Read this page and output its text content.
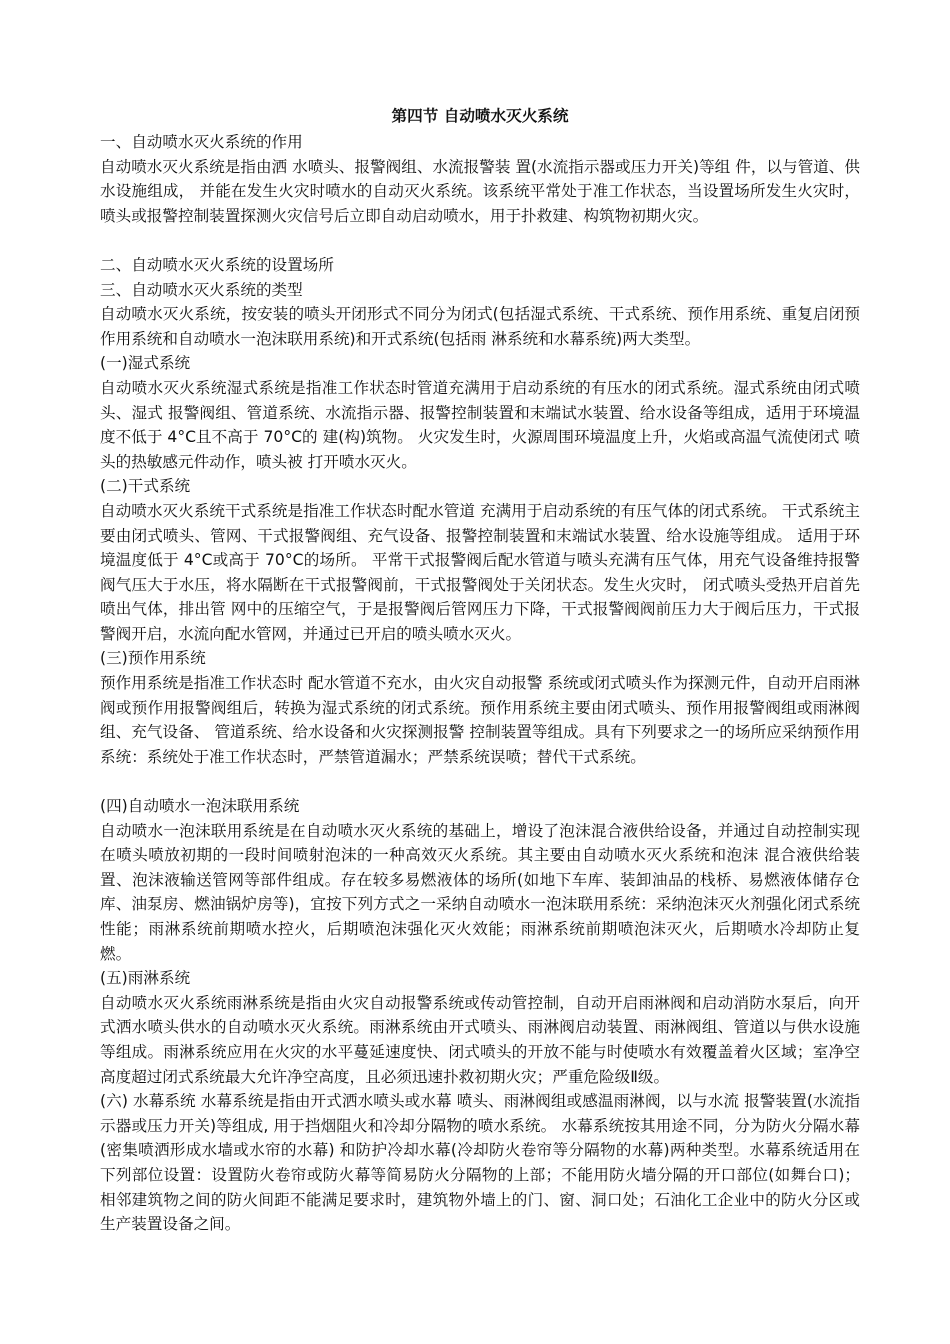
第四节 自动喷水灭火系统
一、自动喷水灭火系统的作用
自动喷水灭火系统是指由洒 水喷头、报警阀组、水流报警装 置(水流指示器或压力开关)等组 件，以与管道、供水设施组成， 并能在发生火灾时喷水的自动灭火系统。该系统平常处于准工作状态，当设置场所发生火灾时，喷头或报警控制装置探测火灾信号后立即自动启动喷水，用于扑救建、构筑物初期火灾。
二、自动喷水灭火系统的设置场所
三、自动喷水灭火系统的类型
自动喷水灭火系统，按安装的喷头开闭形式不同分为闭式(包括湿式系统、干式系统、预作用系统、重复启闭预作用系统和自动喷水一泡沫联用系统)和开式系统(包括雨 淋系统和水幕系统)两大类型。
(一)湿式系统
自动喷水灭火系统湿式系统是指准工作状态时管道充满用于启动系统的有压水的闭式系统。湿式系统由闭式喷头、湿式 报警阀组、管道系统、水流指示器、报警控制装置和末端试水装置、给水设备等组成，适用于环境温度不低于 4°C且不高于 70°C的 建(构)筑物。 火灾发生时，火源周围环境温度上升，火焰或高温气流使闭式 喷头的热敏感元件动作，喷头被 打开喷水灭火。
(二)干式系统
自动喷水灭火系统干式系统是指准工作状态时配水管道 充满用于启动系统的有压气体的闭式系统。 干式系统主要由闭式喷头、管网、干式报警阀组、充气设备、报警控制装置和末端试水装置、给水设施等组成。 适用于环境温度低于 4°C或高于 70°C的场所。 平常干式报警阀后配水管道与喷头充满有压气体，用充气设备维持报警阀气压大于水压，将水隔断在干式报警阀前，干式报警阀处于关闭状态。发生火灾时， 闭式喷头受热开启首先喷出气体，排出管 网中的压缩空气，于是报警阀后管网压力下降，干式报警阀阀前压力大于阀后压力，干式报警阀开启，水流向配水管网，并通过已开启的喷头喷水灭火。
(三)预作用系统
预作用系统是指准工作状态时 配水管道不充水，由火灾自动报警 系统或闭式喷头作为探测元件，自动开启雨淋阀或预作用报警阀组后，转换为湿式系统的闭式系统。预作用系统主要由闭式喷头、预作用报警阀组或雨淋阀组、充气设备、 管道系统、给水设备和火灾探测报警 控制装置等组成。具有下列要求之一的场所应采纳预作用系统：系统处于准工作状态时，严禁管道漏水；严禁系统误喷；替代干式系统。
(四)自动喷水一泡沫联用系统
自动喷水一泡沫联用系统是在自动喷水灭火系统的基础上，增设了泡沫混合液供给设备，并通过自动控制实现在喷头喷放初期的一段时间喷射泡沫的一种高效灭火系统。其主要由自动喷水灭火系统和泡沫 混合液供给装置、泡沫液输送管网等部件组成。存在较多易燃液体的场所(如地下车库、装卸油品的栈桥、易燃液体储存仓库、油泵房、燃油锅炉房等)，宜按下列方式之一采纳自动喷水一泡沫联用系统：采纳泡沫灭火剂强化闭式系统性能；雨淋系统前期喷水控火，后期喷泡沫强化灭火效能；雨淋系统前期喷泡沫灭火，后期喷水冷却防止复燃。
(五)雨淋系统
自动喷水灭火系统雨淋系统是指由火灾自动报警系统或传动管控制，自动开启雨淋阀和启动消防水泵后，向开式洒水喷头供水的自动喷水灭火系统。雨淋系统由开式喷头、雨淋阀启动装置、雨淋阀组、管道以与供水设施等组成。雨淋系统应用在火灾的水平蔓延速度快、闭式喷头的开放不能与时使喷水有效覆盖着火区域；室净空高度超过闭式系统最大允许净空高度，且必须迅速扑救初期火灾；严重危险级Ⅱ级。
(六) 水幕系统 水幕系统是指由开式洒水喷头或水幕 喷头、雨淋阀组或感温雨淋阀，以与水流 报警装置(水流指示器或压力开关)等组成, 用于挡烟阻火和冷却分隔物的喷水系统。 水幕系统按其用途不同，分为防火分隔水幕(密集喷洒形成水墙或水帘的水幕) 和防护冷却水幕(冷却防火卷帘等分隔物的水幕)两种类型。水幕系统适用在下列部位设置：设置防火卷帘或防火幕等简易防火分隔物的上部；不能用防火墙分隔的开口部位(如舞台口)；相邻建筑物之间的防火间距不能满足要求时，建筑物外墙上的门、窗、洞口处；石油化工企业中的防火分区或生产装置设备之间。
